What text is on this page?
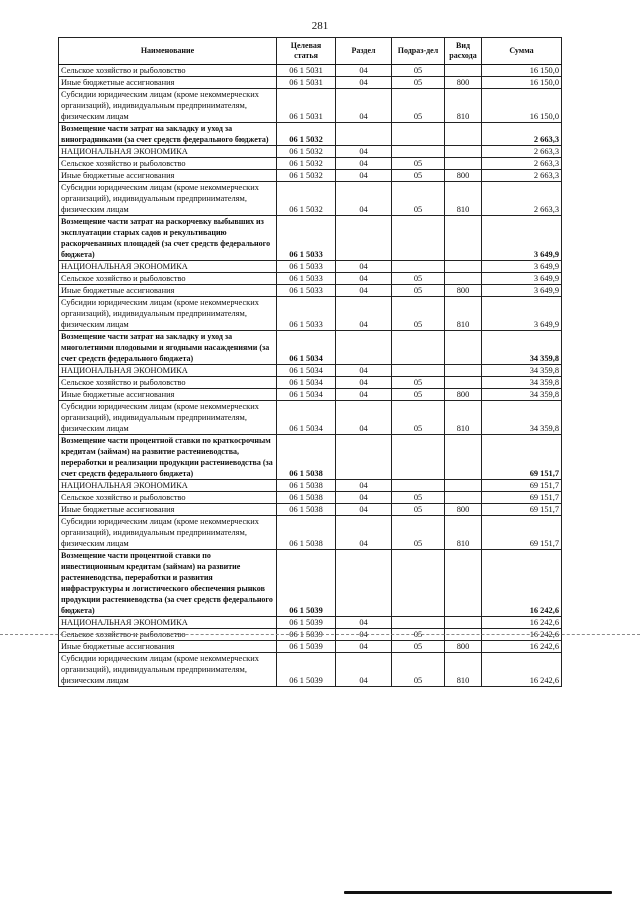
281
Наименование	Целевая статья	Раздел	Подраз-дел	Вид расхода	Сумма
Сельское хозяйство и рыболовство	06 1 5031	04	05		16 150,0
Иные бюджетные ассигнования	06 1 5031	04	05	800	16 150,0
Субсидии юридическим лицам (кроме некоммерческих организаций), индивидуальным предпринимателям, физическим лицам	06 1 5031	04	05	810	16 150,0
Возмещение части затрат на закладку и уход за виноградниками (за счет средств федерального бюджета)	06 1 5032				2 663,3
НАЦИОНАЛЬНАЯ ЭКОНОМИКА	06 1 5032	04			2 663,3
Сельское хозяйство и рыболовство	06 1 5032	04	05		2 663,3
Иные бюджетные ассигнования	06 1 5032	04	05	800	2 663,3
Субсидии юридическим лицам (кроме некоммерческих организаций), индивидуальным предпринимателям, физическим лицам	06 1 5032	04	05	810	2 663,3
Возмещение части затрат на раскорчевку выбывших из эксплуатации старых садов и рекультивацию раскорчеванных площадей (за счет средств федерального бюджета)	06 1 5033				3 649,9
НАЦИОНАЛЬНАЯ ЭКОНОМИКА	06 1 5033	04			3 649,9
Сельское хозяйство и рыболовство	06 1 5033	04	05		3 649,9
Иные бюджетные ассигнования	06 1 5033	04	05	800	3 649,9
Субсидии юридическим лицам (кроме некоммерческих организаций), индивидуальным предпринимателям, физическим лицам	06 1 5033	04	05	810	3 649,9
Возмещение части затрат на закладку и уход за многолетними плодовыми и ягодными насаждениями (за счет средств федерального бюджета)	06 1 5034				34 359,8
НАЦИОНАЛЬНАЯ ЭКОНОМИКА	06 1 5034	04			34 359,8
Сельское хозяйство и рыболовство	06 1 5034	04	05		34 359,8
Иные бюджетные ассигнования	06 1 5034	04	05	800	34 359,8
Субсидии юридическим лицам (кроме некоммерческих организаций), индивидуальным предпринимателям, физическим лицам	06 1 5034	04	05	810	34 359,8
Возмещение части процентной ставки по краткосрочным кредитам (займам) на развитие растениеводства, переработки и реализации продукции растениеводства (за счет средств федерального бюджета)	06 1 5038				69 151,7
НАЦИОНАЛЬНАЯ ЭКОНОМИКА	06 1 5038	04			69 151,7
Сельское хозяйство и рыболовство	06 1 5038	04	05		69 151,7
Иные бюджетные ассигнования	06 1 5038	04	05	800	69 151,7
Субсидии юридическим лицам (кроме некоммерческих организаций), индивидуальным предпринимателям, физическим лицам	06 1 5038	04	05	810	69 151,7
Возмещение части процентной ставки по инвестиционным кредитам (займам) на развитие растениеводства, переработки и развития инфраструктуры и логистического обеспечения рынков продукции растениеводства (за счет средств федерального бюджета)	06 1 5039				16 242,6
НАЦИОНАЛЬНАЯ ЭКОНОМИКА	06 1 5039	04			16 242,6
Сельское хозяйство и рыболовство	06 1 5039	04	05		16 242,6
Иные бюджетные ассигнования	06 1 5039	04	05	800	16 242,6
Субсидии юридическим лицам (кроме некоммерческих организаций), индивидуальным предпринимателям, физическим лицам	06 1 5039	04	05	810	16 242,6
